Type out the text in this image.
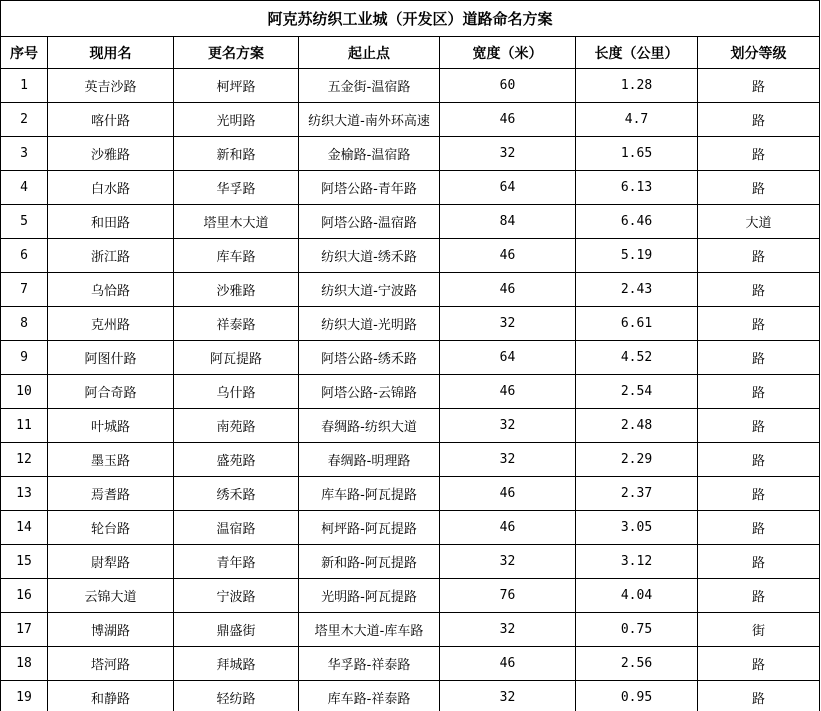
阿克苏纺织工业城（开发区）道路命名方案						
序号	现用名	更名方案	起止点	宽度（米）	长度（公里）	划分等级
1	英吉沙路	柯坪路	五金街-温宿路	60	1.28	路
2	喀什路	光明路	纺织大道-南外环高速	46	4.7	路
3	沙雅路	新和路	金榆路-温宿路	32	1.65	路
4	白水路	华孚路	阿塔公路-青年路	64	6.13	路
5	和田路	塔里木大道	阿塔公路-温宿路	84	6.46	大道
6	浙江路	库车路	纺织大道-绣禾路	46	5.19	路
7	乌恰路	沙雅路	纺织大道-宁波路	46	2.43	路
8	克州路	祥泰路	纺织大道-光明路	32	6.61	路
9	阿图什路	阿瓦提路	阿塔公路-绣禾路	64	4.52	路
10	阿合奇路	乌什路	阿塔公路-云锦路	46	2.54	路
11	叶城路	南苑路	春绸路-纺织大道	32	2.48	路
12	墨玉路	盛苑路	春绸路-明理路	32	2.29	路
13	焉耆路	绣禾路	库车路-阿瓦提路	46	2.37	路
14	轮台路	温宿路	柯坪路-阿瓦提路	46	3.05	路
15	尉犁路	青年路	新和路-阿瓦提路	32	3.12	路
16	云锦大道	宁波路	光明路-阿瓦提路	76	4.04	路
17	博湖路	鼎盛街	塔里木大道-库车路	32	0.75	街
18	塔河路	拜城路	华孚路-祥泰路	46	2.56	路
19	和静路	轻纺路	库车路-祥泰路	32	0.95	路
